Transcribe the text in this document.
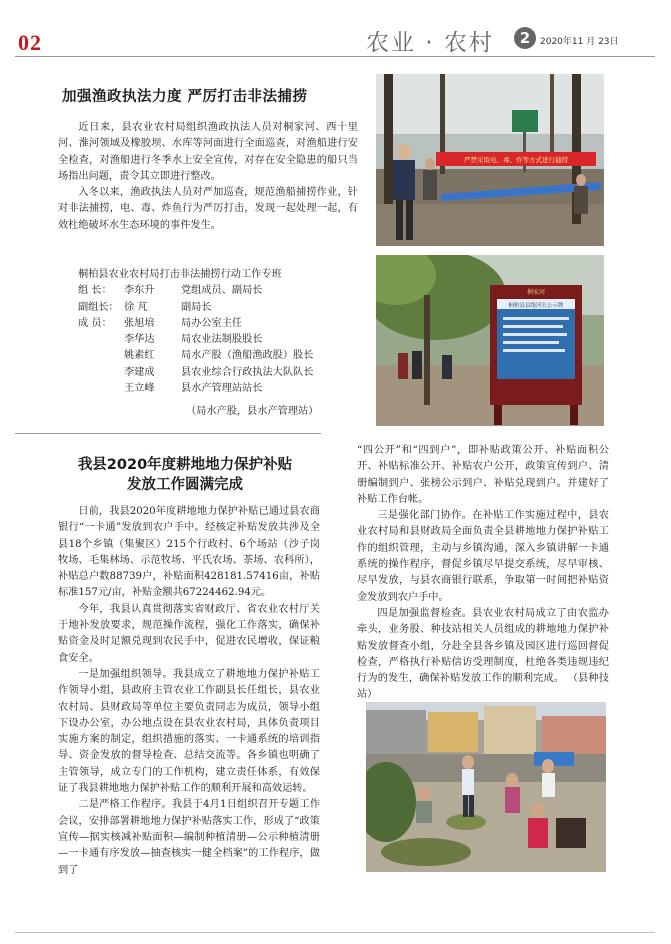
02	农业 · 农村	2	2020年11 月 23日
加强渔政执法力度 严厉打击非法捕捞

近日来，县农业农村局组织渔政执法人员对桐家河、西十里河、淮河领域及橡胶坝、水库等河面进行全面巡查，对渔船进行安全检查，对渔船进行冬季水上安全宣传，对存在安全隐患的船只当场指出问题，责令其立即进行整改。

入冬以来，渔政执法人员对严加巡查，规范渔船捕捞作业，针对非法捕捞，电、毒、炸鱼行为严厉打击，发现一起处理一起，有效杜绝破坏水生态环境的事件发生。

桐柏县农业农村局打击非法捕捞行动工作专班
组 长： 李东升	党组成员、副局长
副组长： 徐 芃	副局长
成 员： 张旭培	局办公室主任
李华达	局农业法制股股长
姚素红	局水产股（渔船渔政股）股长
李建成	县农业综合行政执法大队队长
王立峰	县水产管理站站长
（局水产股，县水产管理站）
严禁采取电、毒、炸等方式进行捕捞
桐柏县县级河长公示牌
桐家河
我县2020年度耕地地力保护补贴
发放工作圆满完成

日前，我县2020年度耕地地力保护补贴已通过县农商银行“一卡通”发放到农户手中。经核定补贴发放共涉及全县18个乡镇（集聚区）215个行政村、6个场站（沙子岗牧场、毛集林场、示范牧场、平氏农场、茶场、农科所），补贴总户数88739户，补贴面积428181.57416亩，补贴标准157元/亩，补贴金额共67224462.94元。

今年，我县认真贯彻落实省财政厅、省农业农村厅关于地补发放要求，规范操作流程，强化工作落实，确保补贴资金及时足额兑现到农民手中，促进农民增收，保证粮食安全。

一是加强组织领导。我县成立了耕地地力保护补贴工作领导小组，县政府主管农业工作副县长任组长，县农业农村局、县财政局等单位主要负责同志为成员，领导小组下设办公室，办公地点设在县农业农村局，具体负责项目实施方案的制定，组织措施的落实、一卡通系统的培训指导、资金发放的督导检查、总结交流等。各乡镇也明确了主管领导，成立专门的工作机构，建立责任体系，有效保证了我县耕地地力保护补贴工作的顺利开展和高效运转。

二是严格工作程序。我县于4月1日组织召开专题工作会议，安排部署耕地地力保护补贴落实工作，形成了“政策宣传—据实核减补贴面积—编制种植清册—公示种植清册—一卡通有序发放—抽查核实一健全档案”的工作程序，做到了

“四公开”和“四到户”，即补贴政策公开、补贴面积公开、补贴标准公开、补贴农户公开，政策宣传到户、清册编制到户、张榜公示到户、补贴兑现到户。并建好了补贴工作台帐。

三是强化部门协作。在补贴工作实施过程中，县农业农村局和县财政局全面负责全县耕地地力保护补贴工作的组织管理，主动与乡镇沟通，深入乡镇讲解一卡通系统的操作程序，督促乡镇尽早提交系统，尽早审核、尽早发放，与县农商银行联系，争取第一时间把补贴资金发放到农户手中。

四是加强监督检查。县农业农村局成立了由农监办牵头，业务股、种技站相关人员组成的耕地地力保护补贴发放督查小组，分赴全县各乡镇及园区进行巡回督促检查，严格执行补贴信访受理制度，杜绝各类违规违纪行为的发生，确保补贴发放工作的顺利完成。 （县种技站）
